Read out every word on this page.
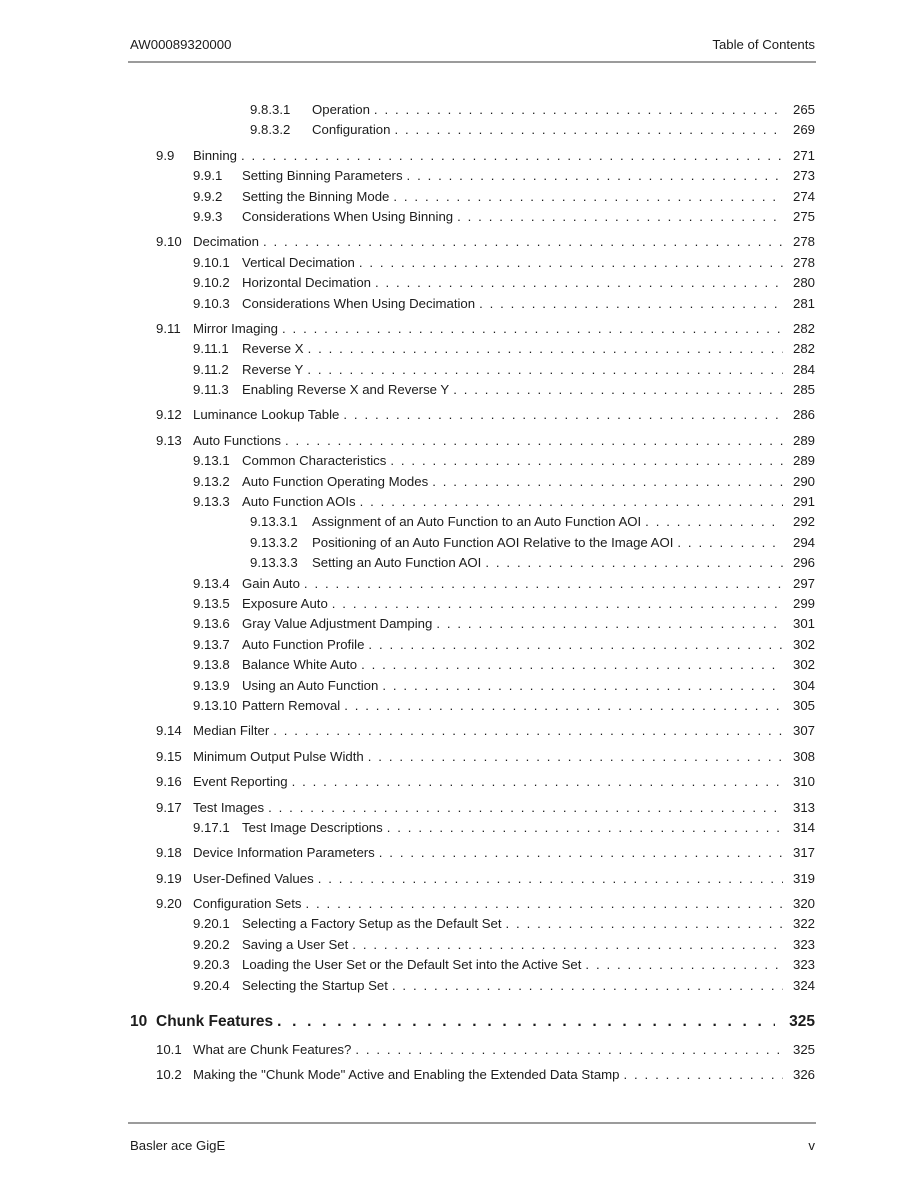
AW00089320000	Table of Contents
9.8.3.1	Operation . . .	265
9.8.3.2	Configuration . . .	269
9.9	Binning . . .	271
9.9.1	Setting Binning Parameters . . .	273
9.9.2	Setting the Binning Mode . . .	274
9.9.3	Considerations When Using Binning . . .	275
9.10 Decimation . . .	278
9.10.1 Vertical Decimation . . .	278
9.10.2 Horizontal Decimation . . .	280
9.10.3 Considerations When Using Decimation . . .	281
9.11 Mirror Imaging . . .	282
9.11.1	Reverse X . . .	282
9.11.2	Reverse Y . . .	284
9.11.3	Enabling Reverse X and Reverse Y . . .	285
9.12 Luminance Lookup Table . . .	286
9.13 Auto Functions . . .	289
9.13.1 Common Characteristics . . .	289
9.13.2 Auto Function Operating Modes . . .	290
9.13.3 Auto Function AOIs . . .	291
9.13.3.1	Assignment of an Auto Function to an Auto Function AOI . . .	292
9.13.3.2	Positioning of an Auto Function AOI Relative to the Image AOI . . .	294
9.13.3.3	Setting an Auto Function AOI . . .	296
9.13.4 Gain Auto . . .	297
9.13.5 Exposure Auto . . .	299
9.13.6 Gray Value Adjustment Damping . . .	301
9.13.7 Auto Function Profile . . .	302
9.13.8 Balance White Auto . . .	302
9.13.9 Using an Auto Function . . .	304
9.13.10 Pattern Removal . . .	305
9.14 Median Filter . . .	307
9.15 Minimum Output Pulse Width . . .	308
9.16 Event Reporting . . .	310
9.17 Test Images . . .	313
9.17.1 Test Image Descriptions . . .	314
9.18 Device Information Parameters . . .	317
9.19 User-Defined Values . . .	319
9.20 Configuration Sets . . .	320
9.20.1 Selecting a Factory Setup as the Default Set . . .	322
9.20.2 Saving a User Set . . .	323
9.20.3 Loading the User Set or the Default Set into the Active Set . . .	323
9.20.4 Selecting the Startup Set . . .	324
10 Chunk Features . . .	325
10.1 What are Chunk Features? . . .	325
10.2 Making the "Chunk Mode" Active and Enabling the Extended Data Stamp . . .	326
Basler ace GigE	v
